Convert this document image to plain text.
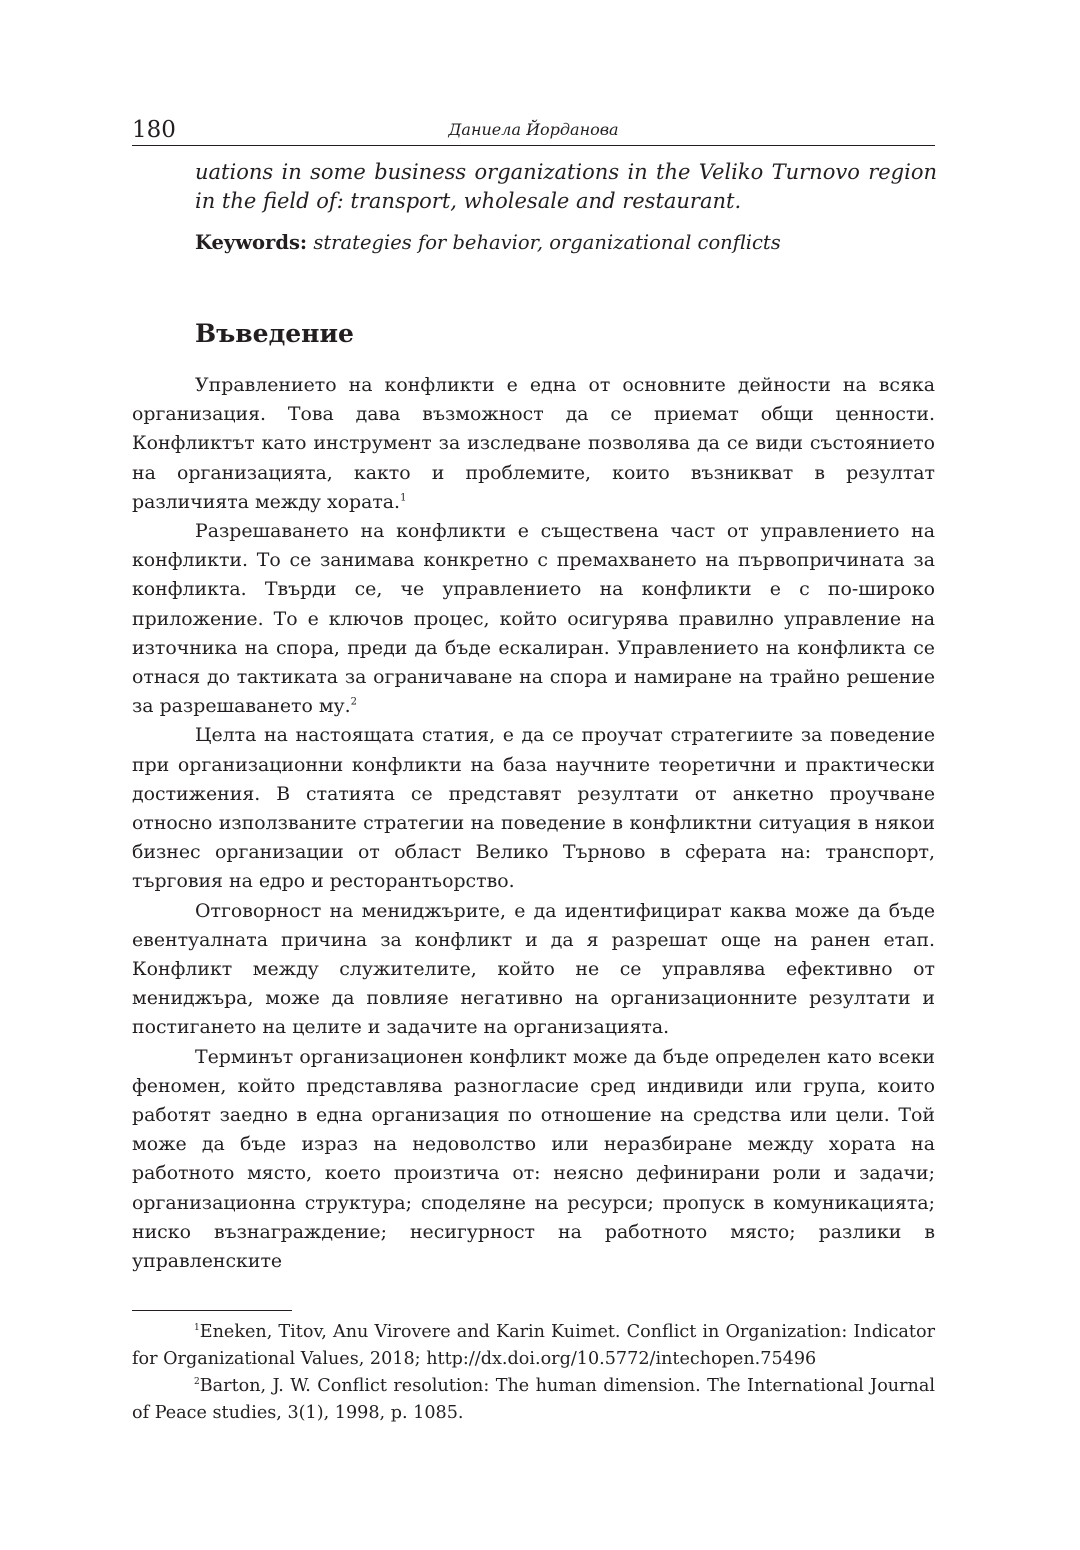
180	Даниела Йорданова

uations in some business organizations in the Veliko Turnovo region in the field of: transport, wholesale and restaurant.

Keywords: strategies for behavior, organizational conflicts
Въведение

Управлението на конфликти е една от основните дейности на всяка организация. Това дава възможност да се приемат общи ценности. Конфликтът като инструмент за изследване позволява да се види състоянието на организацията, както и проблемите, които възникват в резултат различията между хората.$^1$

Разрешаването на конфликти е съществена част от управлението на конфликти. То се занимава конкретно с премахването на първопричината за конфликта. Твърди се, че управлението на конфликти е с по-широко приложение. То е ключов процес, който осигурява правилно управление на източника на спора, преди да бъде ескалиран. Управлението на конфликта се отнася до тактиката за ограничаване на спора и намиране на трайно решение за разрешаването му.$^2$

Целта на настоящата статия, е да се проучат стратегиите за поведение при организационни конфликти на база научните теоретични и практически достижения. В статията се представят резултати от анкетно проучване относно използваните стратегии на поведение в конфликтни ситуация в някои бизнес организации от област Велико Търново в сферата на: транспорт, търговия на едро и ресторантьорство.

Отговорност на мениджърите, е да идентифицират каква може да бъде евентуалната причина за конфликт и да я разрешат още на ранен етап. Конфликт между служителите, който не се управлява ефективно от мениджъра, може да повлияе негативно на организационните резултати и постигането на целите и задачите на организацията.

Терминът организационен конфликт може да бъде определен като всеки феномен, който представлява разногласие сред индивиди или група, които работят заедно в една организация по отношение на средства или цели. Той може да бъде израз на недоволство или неразбиране между хората на работното място, което произтича от: неясно дефинирани роли и задачи; организационна структура; споделяне на ресурси; пропуск в комуникацията; ниско възнаграждение; несигурност на работното място; разлики в управленските

$^1$Eneken, Titov, Anu Virovere and Karin Kuimet. Conflict in Organization: Indicator for Organizational Values, 2018; http://dx.doi.org/10.5772/intechopen.75496

$^2$Barton, J. W. Conflict resolution: The human dimension. The International Journal of Peace studies, 3(1), 1998, p. 1085.
